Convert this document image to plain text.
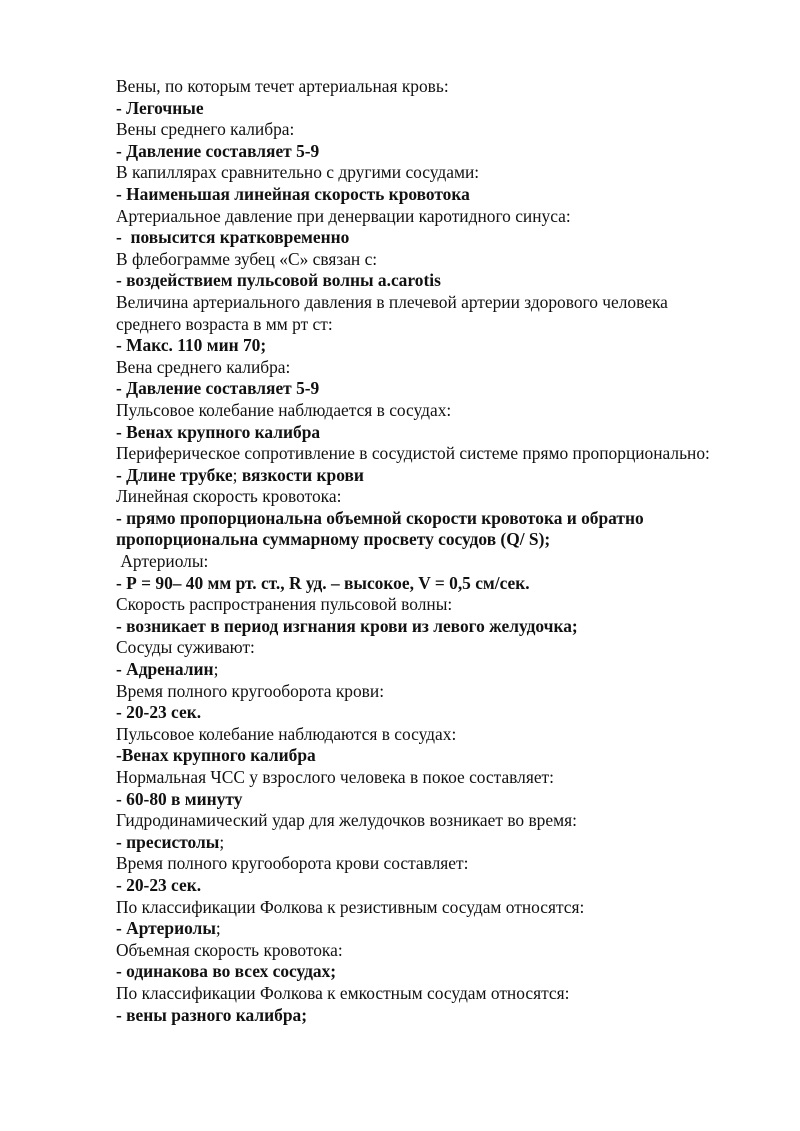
Вены, по которым течет артериальная кровь:

- Легочные

Вены среднего калибра:

- Давление составляет 5-9

В капиллярах сравнительно с другими сосудами:

- Наименьшая линейная скорость кровотока

Артериальное давление при денервации каротидного синуса:

-  повысится кратковременно

В флебограмме зубец «С» связан с:

- воздействием пульсовой волны a.carotis

Величина артериального давления в плечевой артерии здорового человека среднего возраста в мм рт ст:

- Макс. 110 мин 70;

Вена среднего калибра:

- Давление составляет 5-9

Пульсовое колебание наблюдается в сосудах:

- Венах крупного калибра

Периферическое сопротивление в сосудистой системе прямо пропорционально:

- Длине трубке; вязкости крови

Линейная скорость кровотока:

- прямо пропорциональна объемной скорости кровотока и обратно пропорциональна суммарному просвету сосудов (Q/ S);

Артериолы:

- Р = 90– 40 мм рт. ст., R уд. – высокое, V = 0,5 см/сек.

Скорость распространения пульсовой волны:

- возникает в период изгнания крови из левого желудочка;

Сосуды суживают:

- Адреналин;

Время полного кругооборота крови:

- 20-23 сек.

Пульсовое колебание наблюдаются в сосудах:

-Венах крупного калибра

Нормальная ЧСС у взрослого человека в покое составляет:

- 60-80 в минуту

Гидродинамический удар для желудочков возникает во время:

- пресистолы;

Время полного кругооборота крови составляет:

- 20-23 сек.

По классификации Фолкова к резистивным сосудам относятся:

- Артериолы;

Объемная скорость кровотока:

- одинакова во всех сосудах;

По классификации Фолкова к емкостным сосудам относятся:

- вены разного калибра;
